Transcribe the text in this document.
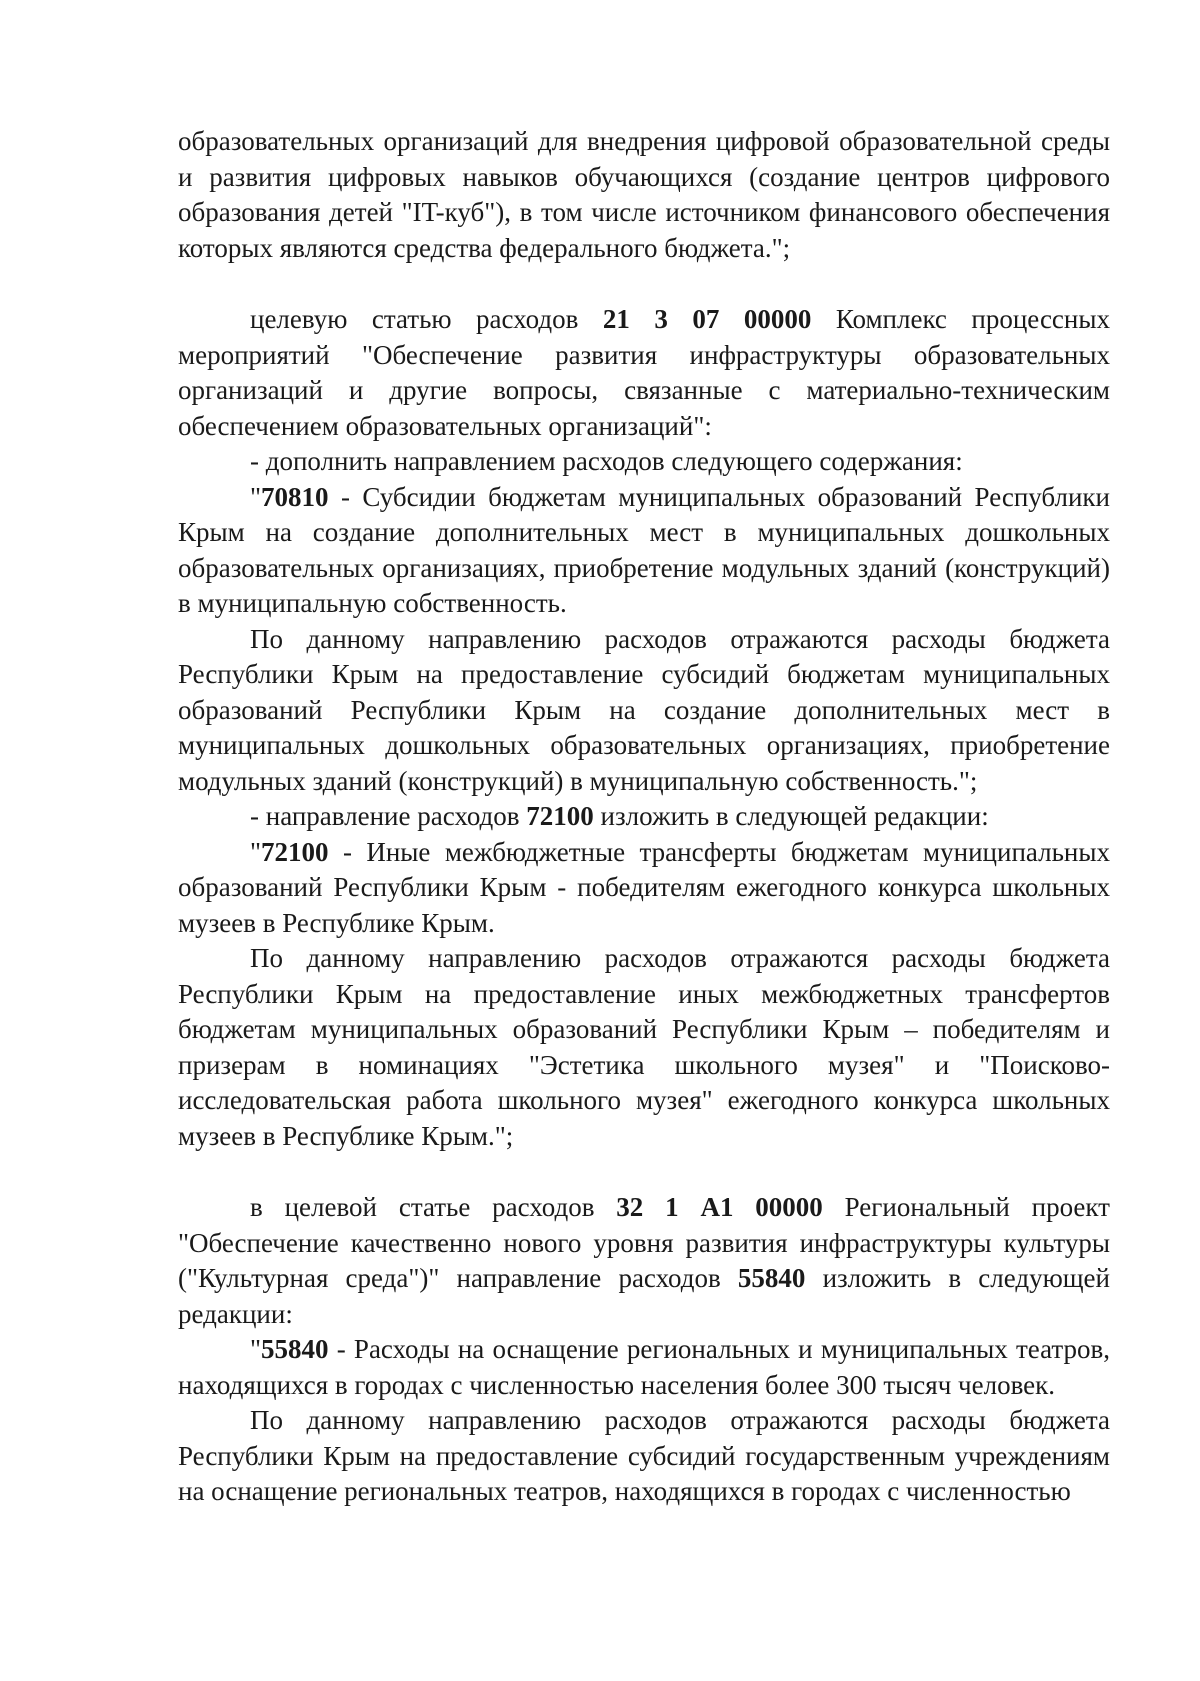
образовательных организаций для внедрения цифровой образовательной среды и развития цифровых навыков обучающихся (создание центров цифрового образования детей "IT-куб"), в том числе источником финансового обеспечения которых являются средства федерального бюджета.";

целевую статью расходов 21 3 07 00000 Комплекс процессных мероприятий "Обеспечение развития инфраструктуры образовательных организаций и другие вопросы, связанные с материально-техническим обеспечением образовательных организаций":

- дополнить направлением расходов следующего содержания:

"70810 - Субсидии бюджетам муниципальных образований Республики Крым на создание дополнительных мест в муниципальных дошкольных образовательных организациях, приобретение модульных зданий (конструкций) в муниципальную собственность.

По данному направлению расходов отражаются расходы бюджета Республики Крым на предоставление субсидий бюджетам муниципальных образований Республики Крым на создание дополнительных мест в муниципальных дошкольных образовательных организациях, приобретение модульных зданий (конструкций) в муниципальную собственность.";

- направление расходов 72100 изложить в следующей редакции:

"72100 - Иные межбюджетные трансферты бюджетам муниципальных образований Республики Крым - победителям ежегодного конкурса школьных музеев в Республике Крым.

По данному направлению расходов отражаются расходы бюджета Республики Крым на предоставление иных межбюджетных трансфертов бюджетам муниципальных образований Республики Крым – победителям и призерам в номинациях "Эстетика школьного музея" и "Поисково-исследовательская работа школьного музея" ежегодного конкурса школьных музеев в Республике Крым.";

в целевой статье расходов 32 1 А1 00000 Региональный проект "Обеспечение качественно нового уровня развития инфраструктуры культуры ("Культурная среда")" направление расходов 55840 изложить в следующей редакции:

"55840 - Расходы на оснащение региональных и муниципальных театров, находящихся в городах с численностью населения более 300 тысяч человек.

По данному направлению расходов отражаются расходы бюджета Республики Крым на предоставление субсидий государственным учреждениям на оснащение региональных театров, находящихся в городах с численностью
